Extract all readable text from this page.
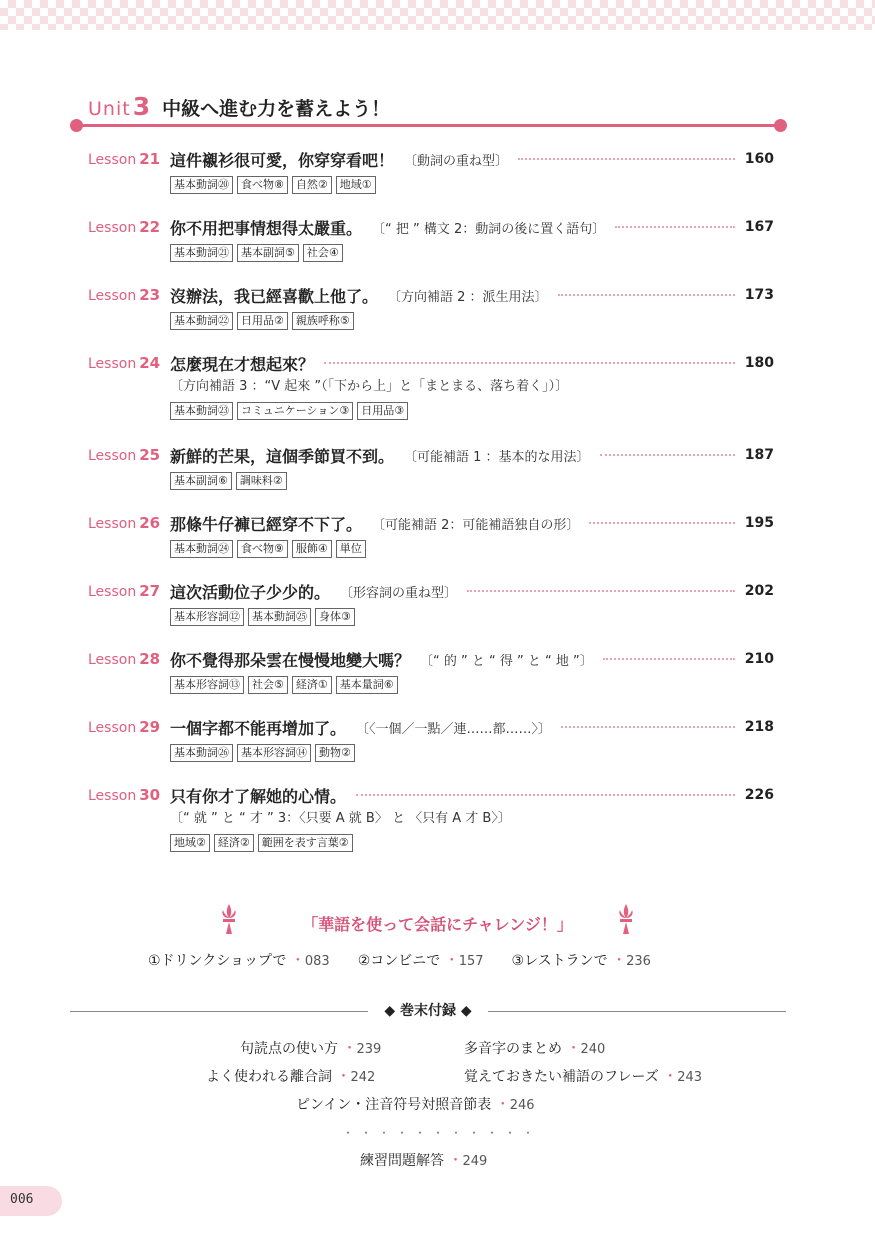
Unit 3 中級へ進む力を蓄えよう！
Lesson 21 這件襯衫很可愛，你穿穿看吧！ 〔動詞の重ね型〕	160
基本動詞⑳	食べ物⑧	自然②	地域①
Lesson 22 你不用把事情想得太嚴重。 〔“ 把 ” 構文 2：動詞の後に置く語句〕	167
基本動詞㉑	基本副詞⑤	社会④
Lesson 23 沒辦法，我已經喜歡上他了。 〔方向補語 2 ：派生用法〕	173
基本動詞㉒	日用品②	親族呼称⑤
Lesson 24 怎麼現在才想起來？	180
〔方向補語 3 ：“V 起來 ”（「下から上」と「まとまる、落ち着く」）〕
基本動詞㉓	コミュニケーション③	日用品③
Lesson 25 新鮮的芒果，這個季節買不到。 〔可能補語 1 ：基本的な用法〕	187
基本副詞⑥	調味料②
Lesson 26 那條牛仔褲已經穿不下了。 〔可能補語 2：可能補語独自の形〕	195
基本動詞㉔	食べ物⑨	服飾④	単位
Lesson 27 這次活動位子少少的。 〔形容詞の重ね型〕	202
基本形容詞⑫	基本動詞㉕	身体③
Lesson 28 你不覺得那朵雲在慢慢地變大嗎？ 〔“ 的 ” と “ 得 ” と “ 地 ”〕	210
基本形容詞⑬	社会⑤	経済①	基本量詞⑥
Lesson 29 一個字都不能再增加了。 〔〈一個／一點／連……都……〉〕	218
基本動詞㉖	基本形容詞⑭	動物②
Lesson 30 只有你才了解她的心情。	226
〔“ 就 ” と “ 才 ” 3：〈只要 A 就 B〉 と 〈只有 A 才 B〉〕
地域②	経済②	範囲を表す言葉②
「華語を使って会話にチャレンジ！」
①ドリンクショップで ・083 ②コンビニで ・157 ③レストランで ・236
◆ 巻末付録 ◆
句読点の使い方 ・239	多音字のまとめ ・240
よく使われる離合詞 ・242	覚えておきたい補語のフレーズ ・243
ピンイン・注音符号対照音節表 ・246
・・・・・・・・・・・
練習問題解答 ・249
006
